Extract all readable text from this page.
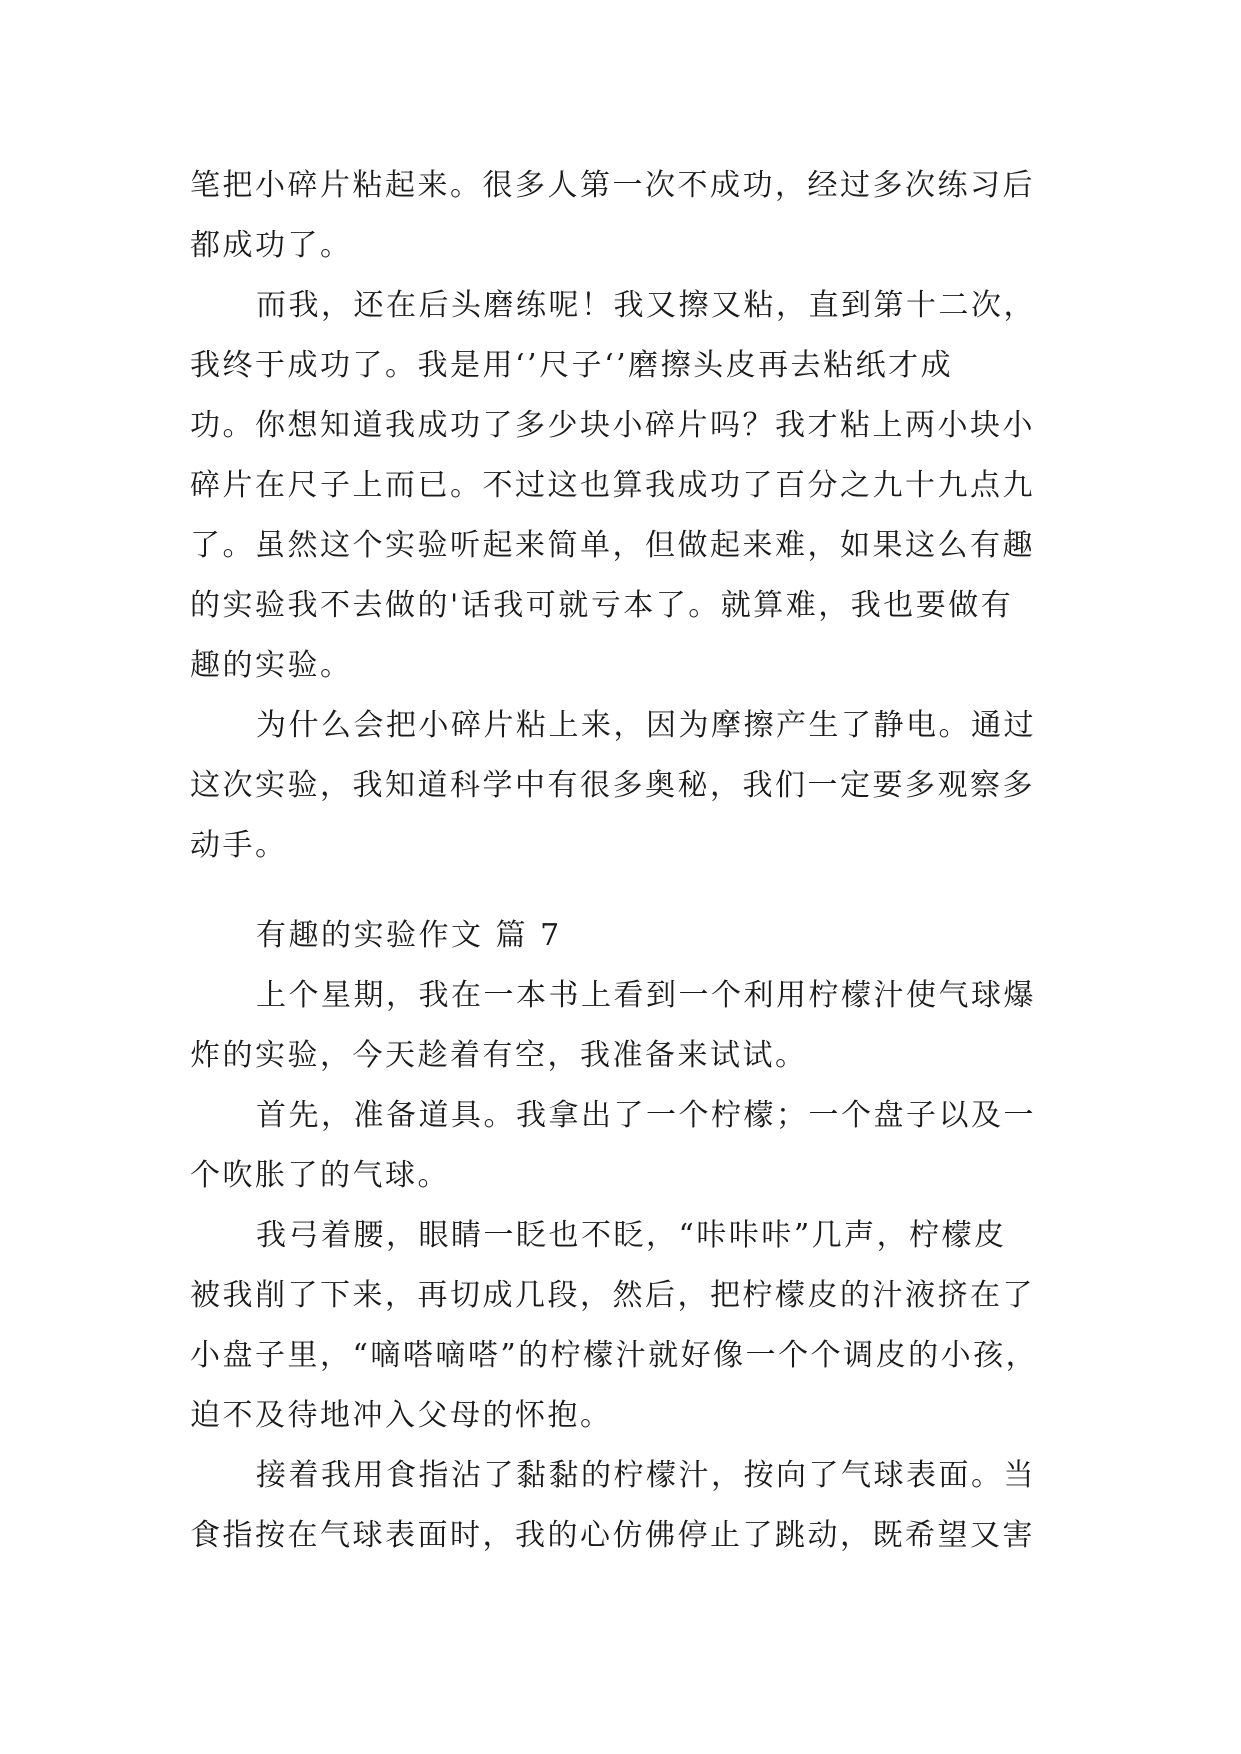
笔把小碎片粘起来。很多人第一次不成功，经过多次练习后
都成功了。
而我，还在后头磨练呢！我又擦又粘，直到第十二次，
我终于成功了。我是用‘’尺子‘’磨擦头皮再去粘纸才成
功。你想知道我成功了多少块小碎片吗？我才粘上两小块小
碎片在尺子上而已。不过这也算我成功了百分之九十九点九
了。虽然这个实验听起来简单，但做起来难，如果这么有趣
的实验我不去做的'话我可就亏本了。就算难，我也要做有
趣的实验。
为什么会把小碎片粘上来，因为摩擦产生了静电。通过
这次实验，我知道科学中有很多奥秘，我们一定要多观察多
动手。
有趣的实验作文 篇 7
上个星期，我在一本书上看到一个利用柠檬汁使气球爆
炸的实验，今天趁着有空，我准备来试试。
首先，准备道具。我拿出了一个柠檬；一个盘子以及一
个吹胀了的气球。
我弓着腰，眼睛一眨也不眨，“咔咔咔”几声，柠檬皮
被我削了下来，再切成几段，然后，把柠檬皮的汁液挤在了
小盘子里，“嘀嗒嘀嗒”的柠檬汁就好像一个个调皮的小孩，
迫不及待地冲入父母的怀抱。
接着我用食指沾了黏黏的柠檬汁，按向了气球表面。当
食指按在气球表面时，我的心仿佛停止了跳动，既希望又害
